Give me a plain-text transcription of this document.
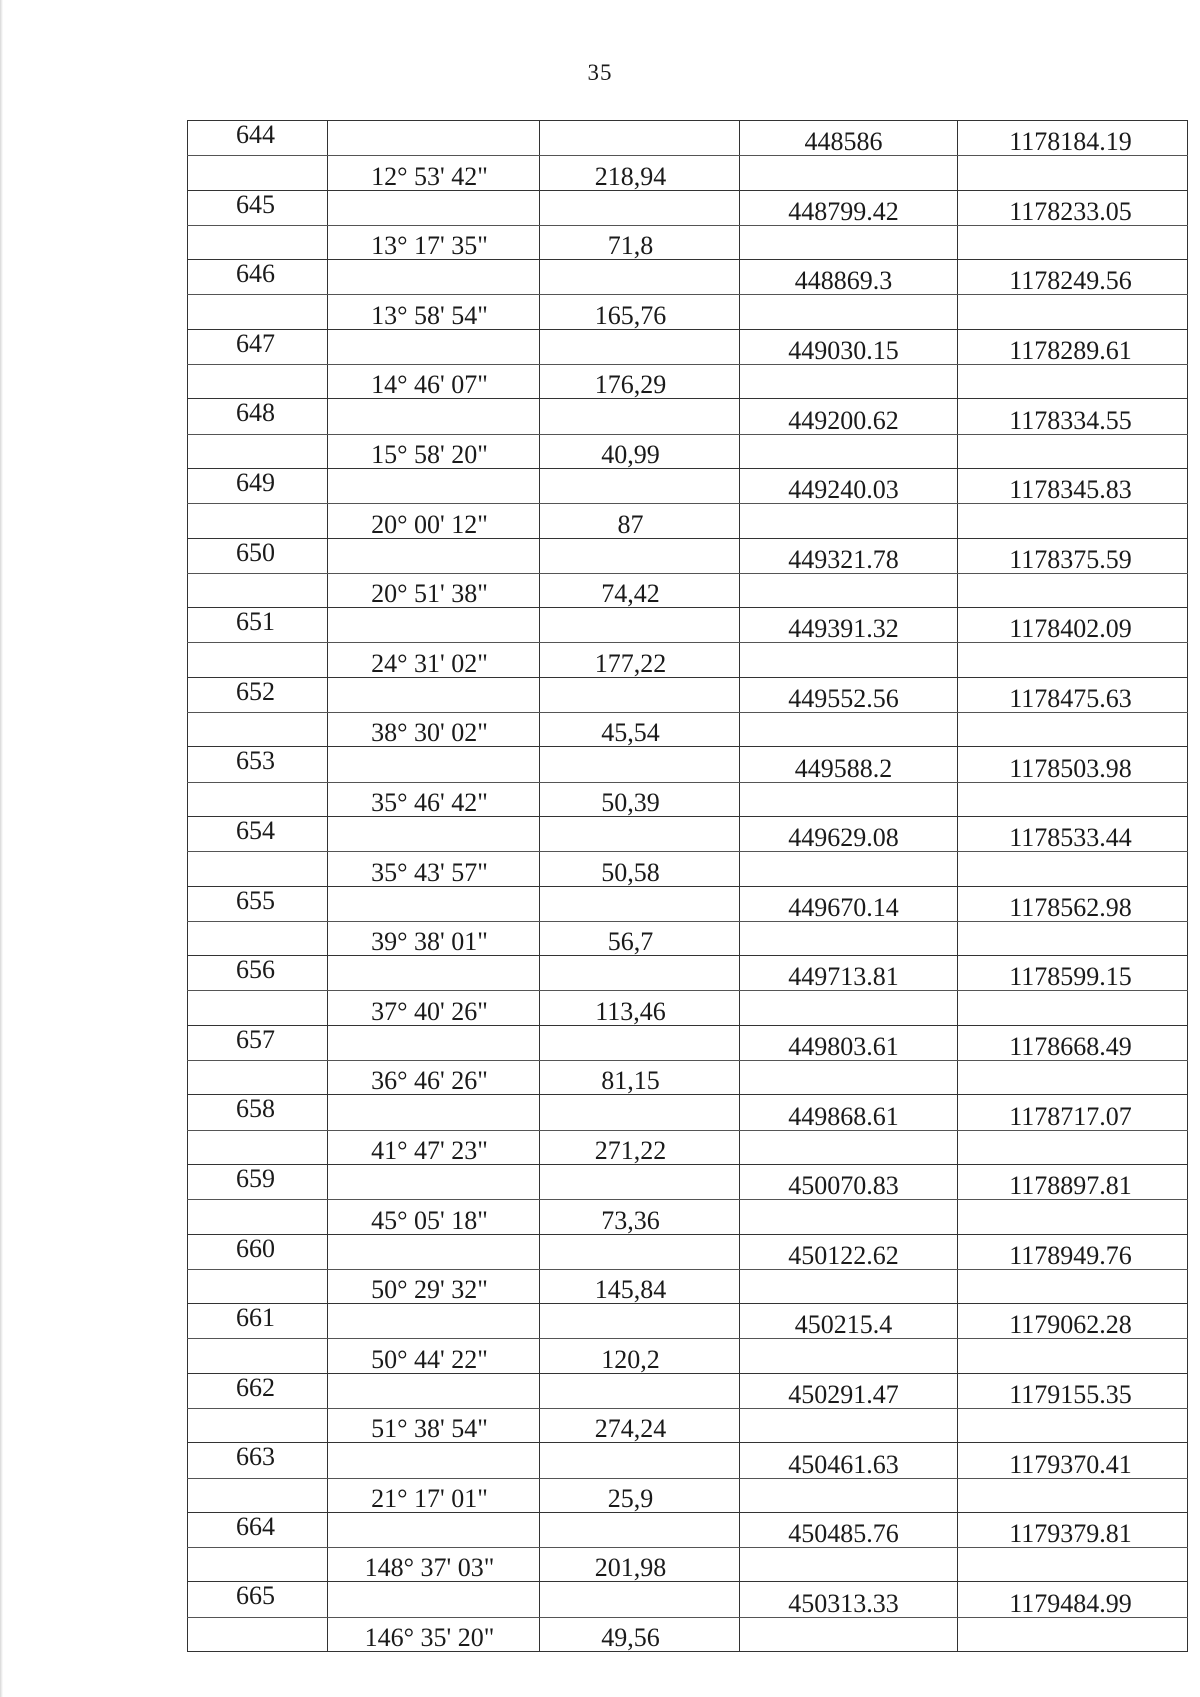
35
644			448586	1178184.19
	12° 53' 42"	218,94		
645			448799.42	1178233.05
	13° 17' 35"	71,8		
646			448869.3	1178249.56
	13° 58' 54"	165,76		
647			449030.15	1178289.61
	14° 46' 07"	176,29		
648			449200.62	1178334.55
	15° 58' 20"	40,99		
649			449240.03	1178345.83
	20° 00' 12"	87		
650			449321.78	1178375.59
	20° 51' 38"	74,42		
651			449391.32	1178402.09
	24° 31' 02"	177,22		
652			449552.56	1178475.63
	38° 30' 02"	45,54		
653			449588.2	1178503.98
	35° 46' 42"	50,39		
654			449629.08	1178533.44
	35° 43' 57"	50,58		
655			449670.14	1178562.98
	39° 38' 01"	56,7		
656			449713.81	1178599.15
	37° 40' 26"	113,46		
657			449803.61	1178668.49
	36° 46' 26"	81,15		
658			449868.61	1178717.07
	41° 47' 23"	271,22		
659			450070.83	1178897.81
	45° 05' 18"	73,36		
660			450122.62	1178949.76
	50° 29' 32"	145,84		
661			450215.4	1179062.28
	50° 44' 22"	120,2		
662			450291.47	1179155.35
	51° 38' 54"	274,24		
663			450461.63	1179370.41
	21° 17' 01"	25,9		
664			450485.76	1179379.81
	148° 37' 03"	201,98		
665			450313.33	1179484.99
	146° 35' 20"	49,56		
